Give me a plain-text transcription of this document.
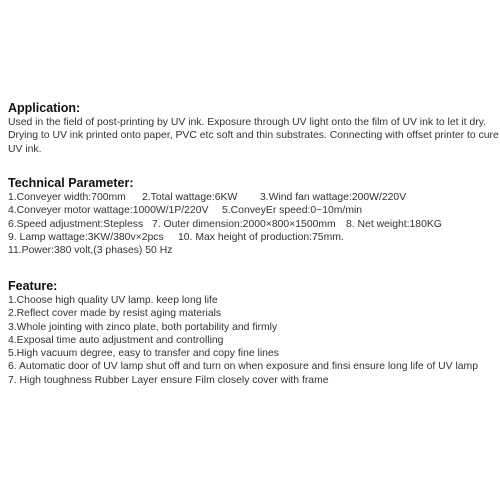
Application:
Used in the field of post-printing by UV ink. Exposure through UV light onto the film of UV ink to let it dry.
Drying to UV ink printed onto paper, PVC etc soft and thin substrates. Connecting with offset printer to cure
UV ink.
Technical Parameter:
1.Conveyer width:700mm	2.Total wattage:6KW	3.Wind fan wattage:200W/220V
4.Conveyer motor wattage:1000W/1P/220V	5.ConveyEr speed:0~10m/min
6.Speed adjustment:Stepless 7. Outer dimension:2000×800×1500mm 8. Net weight:180KG
9. Lamp wattage:3KW/380v×2pcs	10. Max height of production:75mm.
11.Power:380 volt,(3 phases) 50 Hz
Feature:
1.Choose high quality UV lamp. keep long life
2.Reflect cover made by resist aging materials
3.Whole jointing with zinco plate, both portability and firmly
4.Exposal time auto adjustment and controlling
5.High vacuum degree, easy to transfer and copy fine lines
6. Automatic door of UV lamp shut off and turn on when exposure and finsi ensure long life of UV lamp
7. High toughness Rubber Layer ensure Film closely cover with frame
